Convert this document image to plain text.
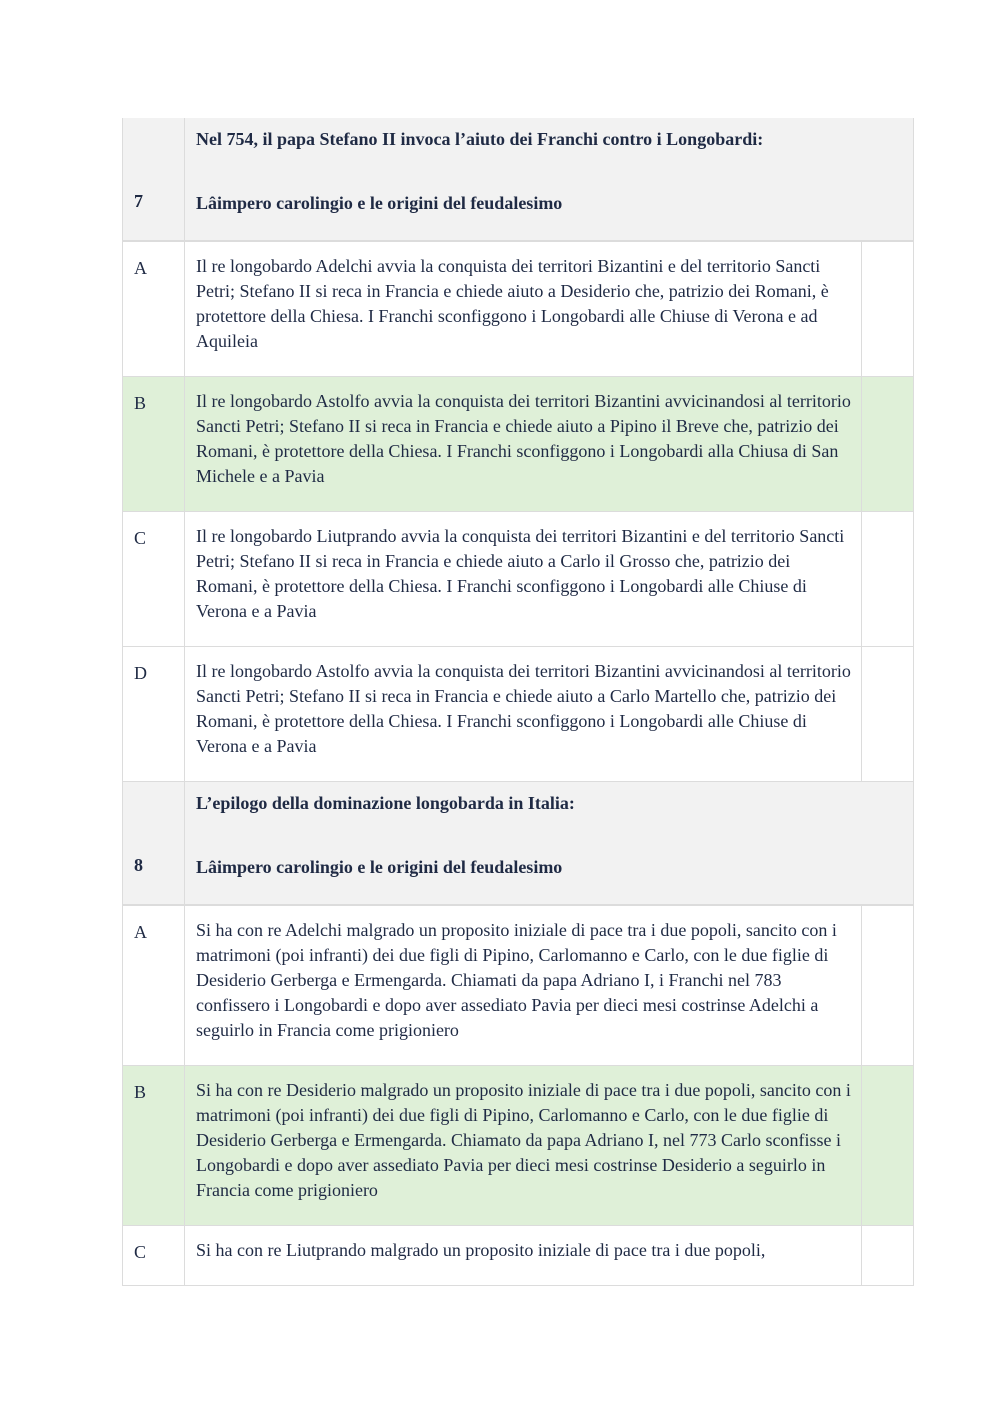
7
Nel 754, il papa Stefano II invoca l’aiuto dei Franchi contro i Longobardi:
Lâimpero carolingio e le origini del feudalesimo
A	Il re longobardo Adelchi avvia la conquista dei territori Bizantini e del territorio Sancti Petri; Stefano II si reca in Francia e chiede aiuto a Desiderio che, patrizio dei Romani, è protettore della Chiesa. I Franchi sconfiggono i Longobardi alle Chiuse di Verona e ad Aquileia
B	Il re longobardo Astolfo avvia la conquista dei territori Bizantini avvicinandosi al territorio Sancti Petri; Stefano II si reca in Francia e chiede aiuto a Pipino il Breve che, patrizio dei Romani, è protettore della Chiesa. I Franchi sconfiggono i Longobardi alla Chiusa di San Michele e a Pavia
C	Il re longobardo Liutprando avvia la conquista dei territori Bizantini e del territorio Sancti Petri; Stefano II si reca in Francia e chiede aiuto a Carlo il Grosso che, patrizio dei Romani, è protettore della Chiesa. I Franchi sconfiggono i Longobardi alle Chiuse di Verona e a Pavia
D	Il re longobardo Astolfo avvia la conquista dei territori Bizantini avvicinandosi al territorio Sancti Petri; Stefano II si reca in Francia e chiede aiuto a Carlo Martello che, patrizio dei Romani, è protettore della Chiesa. I Franchi sconfiggono i Longobardi alle Chiuse di Verona e a Pavia
8
L’epilogo della dominazione longobarda in Italia:
Lâimpero carolingio e le origini del feudalesimo
A	Si ha con re Adelchi malgrado un proposito iniziale di pace tra i due popoli, sancito con i matrimoni (poi infranti) dei due figli di Pipino, Carlomanno e Carlo, con le due figlie di Desiderio Gerberga e Ermengarda. Chiamati da papa Adriano I, i Franchi nel 783 confissero i Longobardi e dopo aver assediato Pavia per dieci mesi costrinse Adelchi a seguirlo in Francia come prigioniero
B	Si ha con re Desiderio malgrado un proposito iniziale di pace tra i due popoli, sancito con i matrimoni (poi infranti) dei due figli di Pipino, Carlomanno e Carlo, con le due figlie di Desiderio Gerberga e Ermengarda. Chiamato da papa Adriano I, nel 773 Carlo sconfisse i Longobardi e dopo aver assediato Pavia per dieci mesi costrinse Desiderio a seguirlo in Francia come prigioniero
C	Si ha con re Liutprando malgrado un proposito iniziale di pace tra i due popoli,
